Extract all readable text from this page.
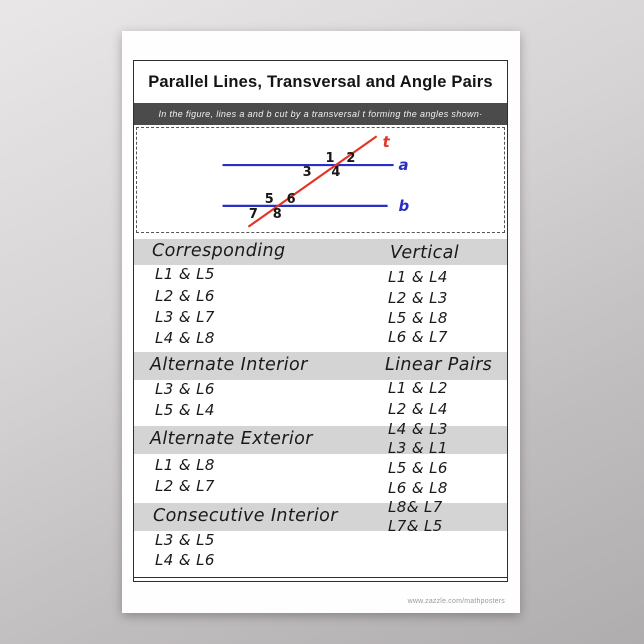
Parallel Lines, Transversal and Angle Pairs
In the figure, lines a and b cut by a transversal t forming the angles shown·
t
a
b
1 2
3 4
5 6
7 8
Corresponding
L1 & L5
L2 & L6
L3 & L7
L4 & L8
Vertical
L1 & L4
L2 & L3
L5 & L8
L6 & L7
Alternate Interior
L3 & L6
L5 & L4
Linear Pairs
L1 & L2
L2 & L4
L4 & L3
L3 & L1
L5 & L6
L6 & L8
L8& L7
L7& L5
Alternate Exterior
L1 & L8
L2 & L7
Consecutive Interior
L3 & L5
L4 & L6
www.zazzle.com/mathposters
